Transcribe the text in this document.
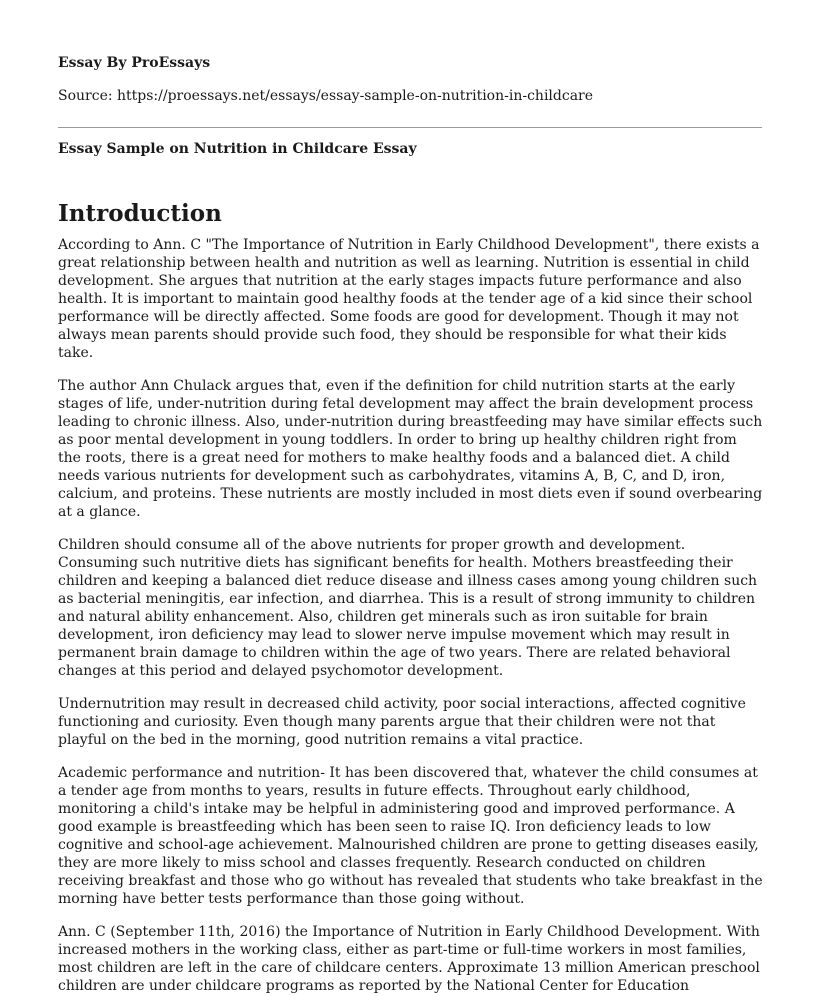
Essay By ProEssays

Source: https://proessays.net/essays/essay-sample-on-nutrition-in-childcare

Essay Sample on Nutrition in Childcare Essay

Introduction

According to Ann. C "The Importance of Nutrition in Early Childhood Development", there exists a great relationship between health and nutrition as well as learning. Nutrition is essential in child development. She argues that nutrition at the early stages impacts future performance and also health. It is important to maintain good healthy foods at the tender age of a kid since their school performance will be directly affected. Some foods are good for development. Though it may not always mean parents should provide such food, they should be responsible for what their kids take.

The author Ann Chulack argues that, even if the definition for child nutrition starts at the early stages of life, under-nutrition during fetal development may affect the brain development process leading to chronic illness. Also, under-nutrition during breastfeeding may have similar effects such as poor mental development in young toddlers. In order to bring up healthy children right from the roots, there is a great need for mothers to make healthy foods and a balanced diet. A child needs various nutrients for development such as carbohydrates, vitamins A, B, C, and D, iron, calcium, and proteins. These nutrients are mostly included in most diets even if sound overbearing at a glance.

Children should consume all of the above nutrients for proper growth and development. Consuming such nutritive diets has significant benefits for health. Mothers breastfeeding their children and keeping a balanced diet reduce disease and illness cases among young children such as bacterial meningitis, ear infection, and diarrhea. This is a result of strong immunity to children and natural ability enhancement. Also, children get minerals such as iron suitable for brain development, iron deficiency may lead to slower nerve impulse movement which may result in permanent brain damage to children within the age of two years. There are related behavioral changes at this period and delayed psychomotor development.

Undernutrition may result in decreased child activity, poor social interactions, affected cognitive functioning and curiosity. Even though many parents argue that their children were not that playful on the bed in the morning, good nutrition remains a vital practice.

Academic performance and nutrition- It has been discovered that, whatever the child consumes at a tender age from months to years, results in future effects. Throughout early childhood, monitoring a child's intake may be helpful in administering good and improved performance. A good example is breastfeeding which has been seen to raise IQ. Iron deficiency leads to low cognitive and school-age achievement. Malnourished children are prone to getting diseases easily, they are more likely to miss school and classes frequently. Research conducted on children receiving breakfast and those who go without has revealed that students who take breakfast in the morning have better tests performance than those going without.

Ann. C (September 11th, 2016) the Importance of Nutrition in Early Childhood Development. With increased mothers in the working class, either as part-time or full-time workers in most families, most children are left in the care of childcare centers. Approximate 13 million American preschool children are under childcare programs as reported by the National Center for Education
